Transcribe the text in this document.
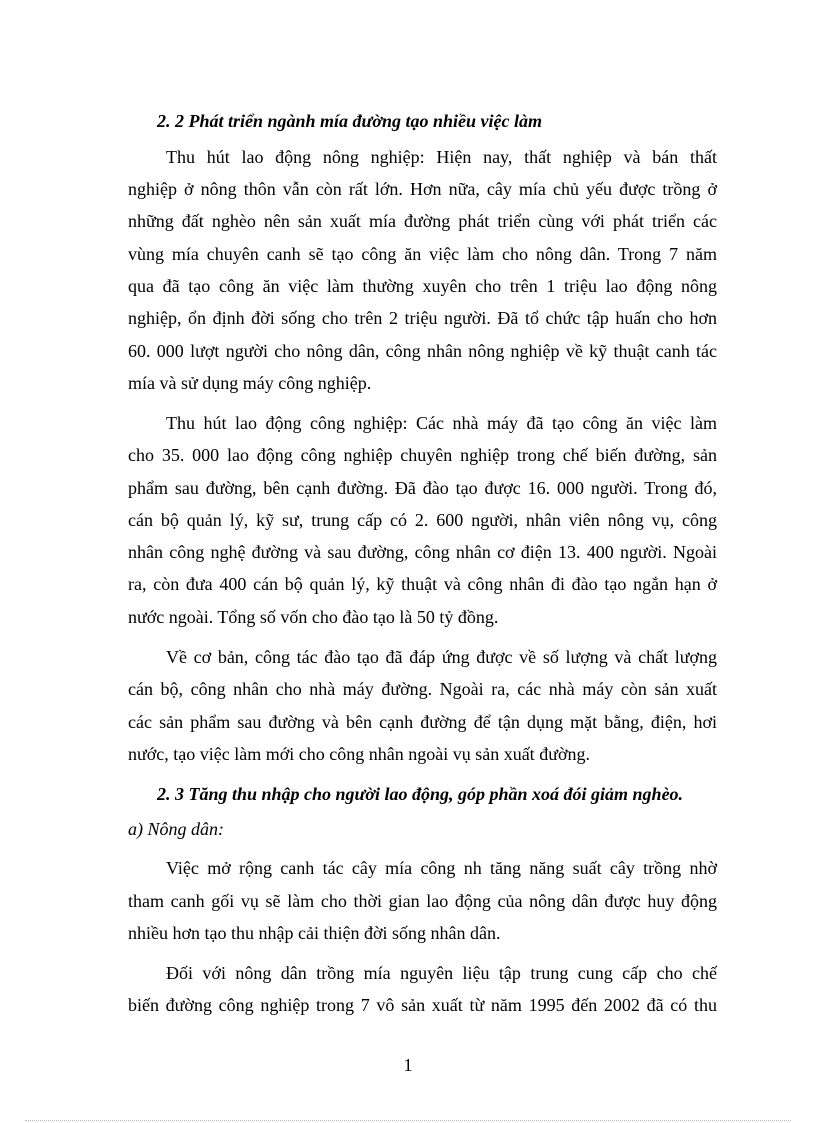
2. 2 Phát triển ngành mía đường tạo nhiều việc làm

Thu hút lao động nông nghiệp: Hiện nay, thất nghiệp và bán thất

nghiệp ở nông thôn vẫn còn rất lớn. Hơn nữa, cây mía chủ yếu được trồng ở

những đất nghèo nên sản xuất mía đường phát triển cùng với phát triển các

vùng mía chuyên canh sẽ tạo công ăn việc làm cho nông dân. Trong 7 năm

qua đã tạo công ăn việc làm thường xuyên cho trên 1 triệu lao động nông

nghiệp, ổn định đời sống cho trên 2 triệu người. Đã tổ chức tập huấn cho hơn

60. 000 lượt người cho nông dân, công nhân nông nghiệp về kỹ thuật canh tác

mía và sử dụng máy công nghiệp.

Thu hút lao động công nghiệp: Các nhà máy đã tạo công ăn việc làm

cho 35. 000 lao động công nghiệp chuyên nghiệp trong chế biến đường, sản

phẩm sau đường, bên cạnh đường. Đã đào tạo được 16. 000 người. Trong đó,

cán bộ quản lý, kỹ sư, trung cấp có 2. 600 người, nhân viên nông vụ, công

nhân công nghệ đường và sau đường, công nhân cơ điện 13. 400 người. Ngoài

ra, còn đưa 400 cán bộ quản lý, kỹ thuật và công nhân đi đào tạo ngắn hạn ở

nước ngoài. Tổng số vốn cho đào tạo là 50 tỷ đồng.

Về cơ bản, công tác đào tạo đã đáp ứng được về số lượng và chất lượng

cán bộ, công nhân cho nhà máy đường. Ngoài ra, các nhà máy còn sản xuất

các sản phẩm sau đường và bên cạnh đường để tận dụng mặt bằng, điện, hơi

nước, tạo việc làm mới cho công nhân ngoài vụ sản xuất đường.

2. 3 Tăng thu nhập cho người lao động, góp phần xoá đói giảm nghèo.

a) Nông dân:

Việc mở rộng canh tác cây mía công nh tăng năng suất cây trồng nhờ

tham canh gối vụ sẽ làm cho thời gian lao động của nông dân được huy động

nhiều hơn tạo thu nhập cải thiện đời sống nhân dân.

Đối với nông dân trồng mía nguyên liệu tập trung cung cấp cho chế

biến đường công nghiệp trong 7 vô sản xuất từ năm 1995 đến 2002 đã có thu

1
